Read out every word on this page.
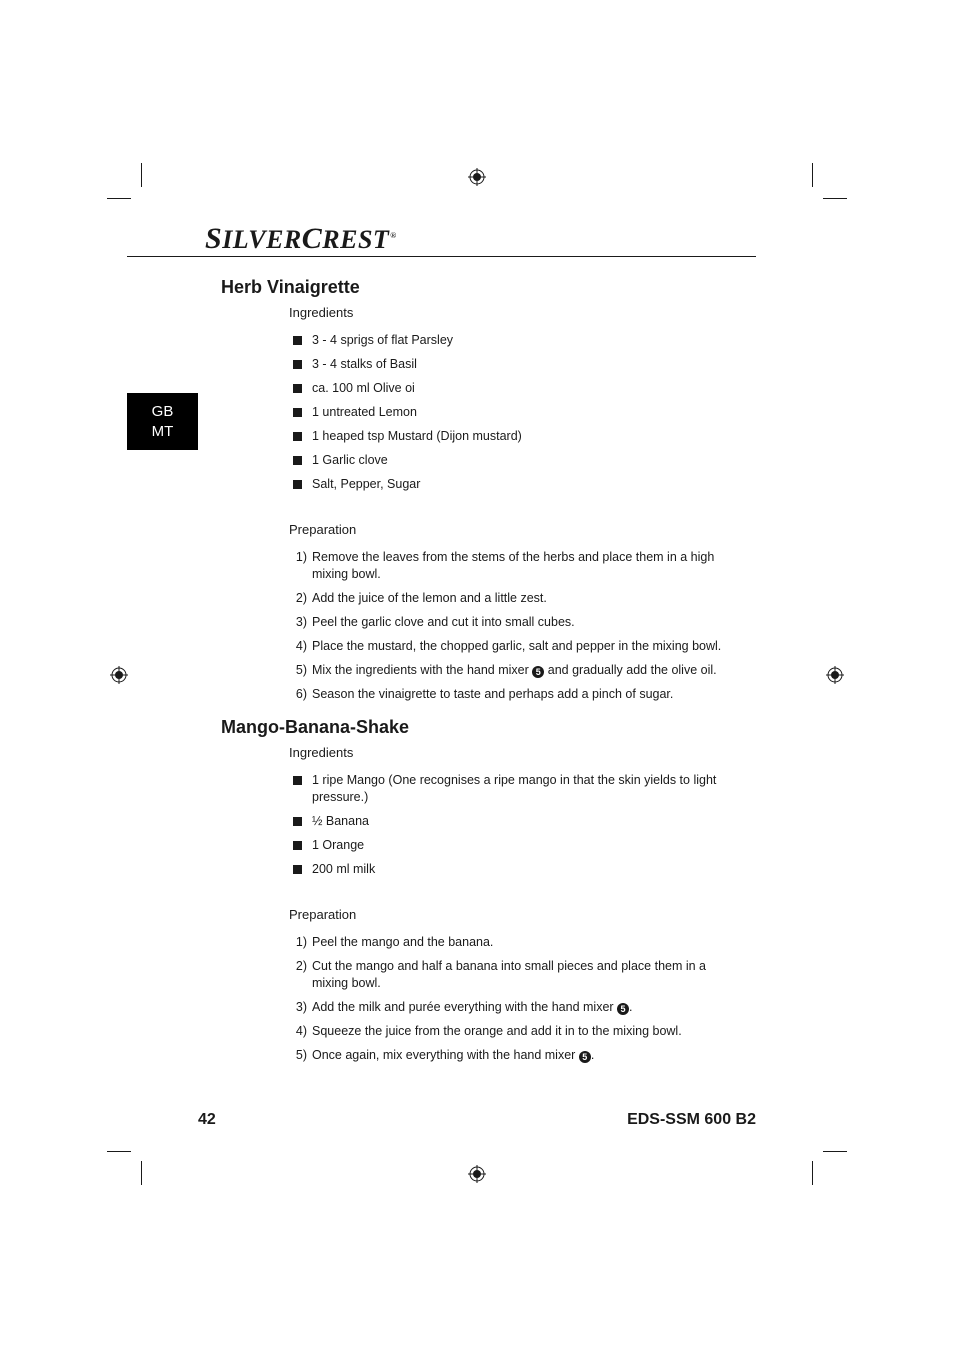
SILVERCREST®
GB
MT
Herb Vinaigrette
Ingredients
3 - 4 sprigs of flat Parsley
3 - 4 stalks of Basil
ca. 100 ml Olive oi
1 untreated Lemon
1 heaped tsp Mustard (Dijon mustard)
1 Garlic clove
Salt, Pepper, Sugar
Preparation
1) Remove the leaves from the stems of the herbs and place them in a high mixing bowl.
2) Add the juice of the lemon and a little zest.
3) Peel the garlic clove and cut it into small cubes.
4) Place the mustard, the chopped garlic, salt and pepper in the mixing bowl.
5) Mix the ingredients with the hand mixer 5 and gradually add the olive oil.
6) Season the vinaigrette to taste and perhaps add a pinch of sugar.
Mango-Banana-Shake
Ingredients
1 ripe Mango (One recognises a ripe mango in that the skin yields to light pressure.)
½ Banana
1 Orange
200 ml milk
Preparation
1) Peel the mango and the banana.
2) Cut the mango and half a banana into small pieces and place them in a mixing bowl.
3) Add the milk and purée everything with the hand mixer 5 .
4) Squeeze the juice from the orange and add it in to the mixing bowl.
5) Once again, mix everything with the hand mixer 5 .
42	EDS-SSM 600 B2
